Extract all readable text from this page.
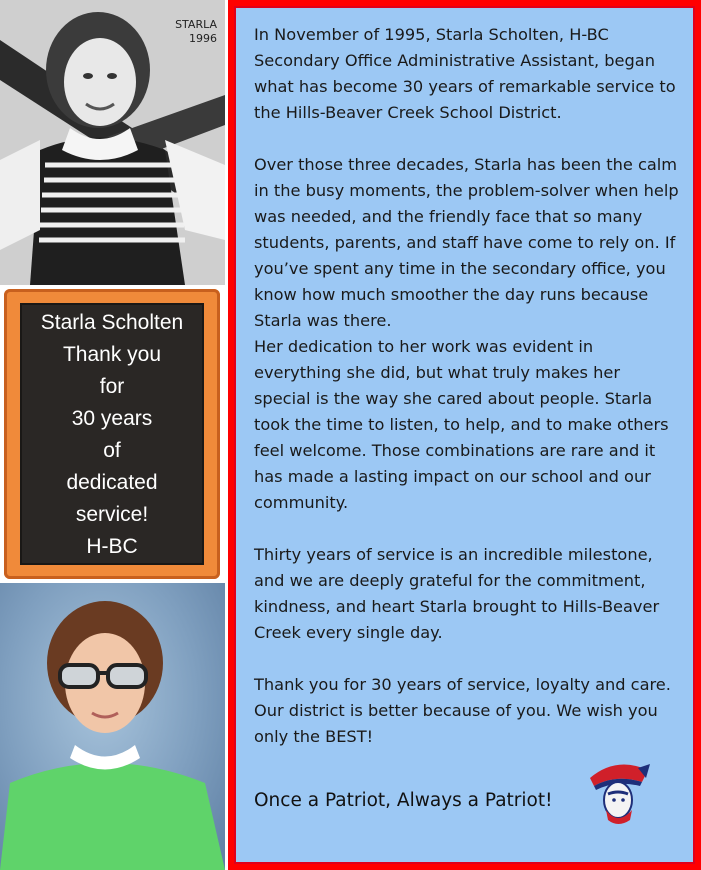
STARLA
1996
Starla Scholten
Thank you
for
30 years
of
dedicated
service!
H-BC

In November of 1995, Starla Scholten, H-BC Secondary Office Administrative Assistant, began what has become 30 years of remarkable service to the Hills-Beaver Creek School District.

Over those three decades, Starla has been the calm in the busy moments, the problem-solver when help was needed, and the friendly face that so many students, parents, and staff have come to rely on. If you’ve spent any time in the secondary office, you know how much smoother the day runs because Starla was there.

Her dedication to her work was evident in everything she did, but what truly makes her special is the way she cared about people. Starla took the time to listen, to help, and to make others feel welcome. Those combinations are rare and it has made a lasting impact on our school and our community.

Thirty years of service is an incredible milestone, and we are deeply grateful for the commitment, kindness, and heart Starla brought to Hills-Beaver Creek every single day.

Thank you for 30 years of service, loyalty and care. Our district is better because of you. We wish you only the BEST!

Once a Patriot, Always a Patriot!
